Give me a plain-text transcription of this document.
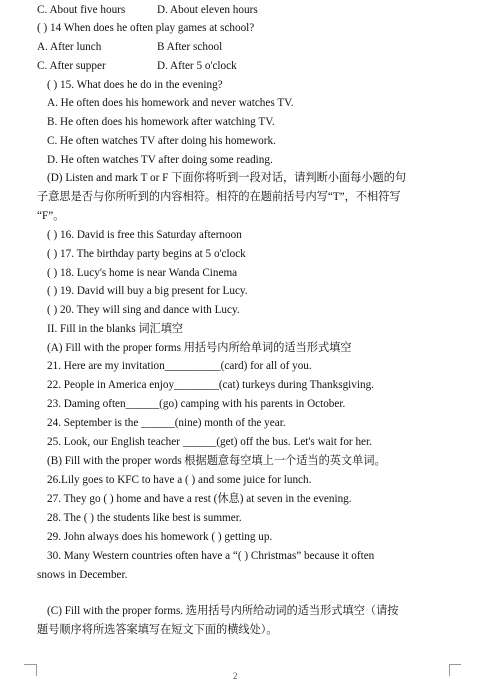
C. About five hours	D. About eleven hours
( ) 14 When does he often play games at school?
A. After lunch	B After school
C. After supper	D. After 5 o'clock
( ) 15. What does he do in the evening?
A. He often does his homework and never watches TV.
B. He often does his homework after watching TV.
C. He often watches TV after doing his homework.
D. He often watches TV after doing some reading.
(D) Listen and mark T or F 下面你将听到一段对话，请判断小面每小题的句
子意思是否与你所听到的内容相符。相符的在题前括号内写“T”，不相符写
“F”。
( ) 16. David is free this Saturday afternoon
( ) 17. The birthday party begins at 5 o'clock
( ) 18. Lucy's home is near Wanda Cinema
( ) 19. David will buy a big present for Lucy.
( ) 20. They will sing and dance with Lucy.
II. Fill in the blanks 词汇填空
(A) Fill with the proper forms 用括号内所给单词的适当形式填空
21. Here are my invitation__________(card) for all of you.
22. People in America enjoy________(cat) turkeys during Thanksgiving.
23. Daming often______(go) camping with his parents in October.
24. September is the ______(nine) month of the year.
25. Look, our English teacher ______(get) off the bus. Let's wait for her.
(B) Fill with the proper words 根据题意每空填上一个适当的英文单词。
26.Lily goes to KFC to have a ( ) and some juice for lunch.
27. They go ( ) home and have a rest (休息) at seven in the evening.
28. The ( ) the students like best is summer.
29. John always does his homework ( ) getting up.
30. Many Western countries often have a “( ) Christmas” because it often
snows in December.
(C) Fill with the proper forms. 选用括号内所给动词的适当形式填空（请按
题号顺序将所选答案填写在短文下面的横线处）。
2
